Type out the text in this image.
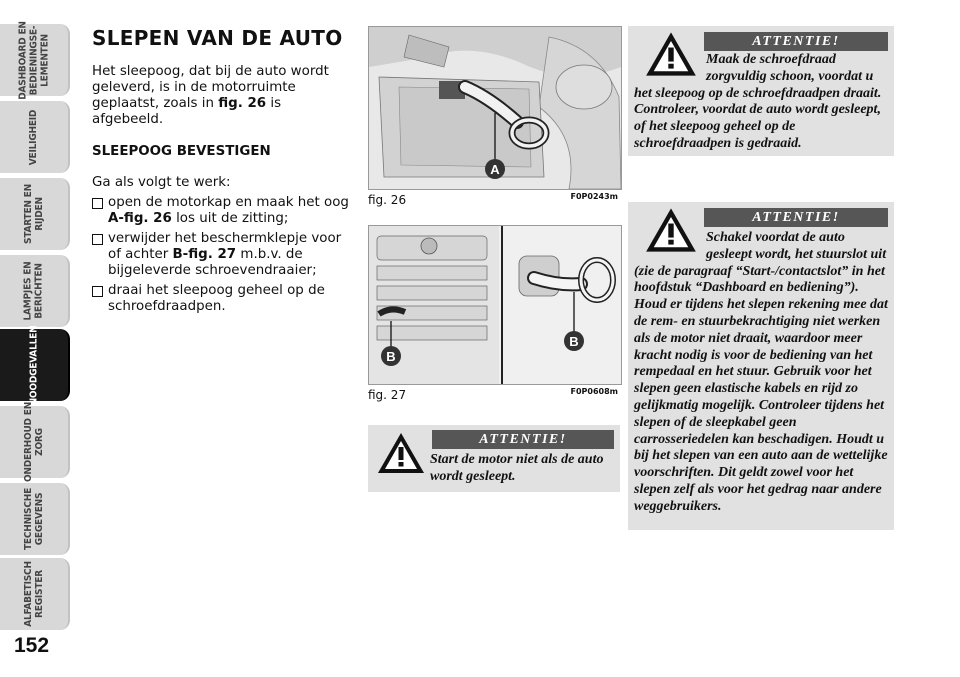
DASHBOARD EN
BEDIENINGSE-
LEMENTEN
VEILIGHEID
STARTEN EN
RIJDEN
LAMPJES EN
BERICHTEN
NOODGEVALLEN
ONDERHOUD EN
ZORG
TECHNISCHE
GEGEVENS
ALFABETISCH
REGISTER
152
SLEPEN VAN DE AUTO

Het sleepoog, dat bij de auto wordt geleverd, is in de motorruimte geplaatst, zoals in fig. 26 is afgebeeld.

SLEEPOOG BEVESTIGEN

Ga als volgt te werk:

open de motorkap en maak het oog A-fig. 26 los uit de zitting;
verwijder het beschermklepje voor of achter B-fig. 27 m.b.v. de bijgeleverde schroevendraaier;
draai het sleepoog geheel op de schroefdraadpen.
A
fig. 26	F0P0243m
B
B
fig. 27	F0P0608m
ATTENTIE!

Start de motor niet als de auto wordt gesleept.

ATTENTIE!

Maak de schroefdraad zorgvuldig schoon, voordat u het sleepoog op de schroefdraadpen draait. Controleer, voordat de auto wordt gesleept, of het sleepoog geheel op de schroefdraadpen is gedraaid.

ATTENTIE!

Schakel voordat de auto gesleept wordt, het stuurslot uit (zie de paragraaf “Start-/contactslot” in het hoofdstuk “Dashboard en bediening”). Houd er tijdens het slepen rekening mee dat de rem- en stuurbekrachtiging niet werken als de motor niet draait, waardoor meer kracht nodig is voor de bediening van het rempedaal en het stuur. Gebruik voor het slepen geen elastische kabels en rijd zo gelijkmatig mogelijk. Controleer tijdens het slepen of de sleepkabel geen carrosseriedelen kan beschadigen. Houdt u bij het slepen van een auto aan de wettelijke voorschriften. Dit geldt zowel voor het slepen zelf als voor het gedrag naar andere weggebruikers.
